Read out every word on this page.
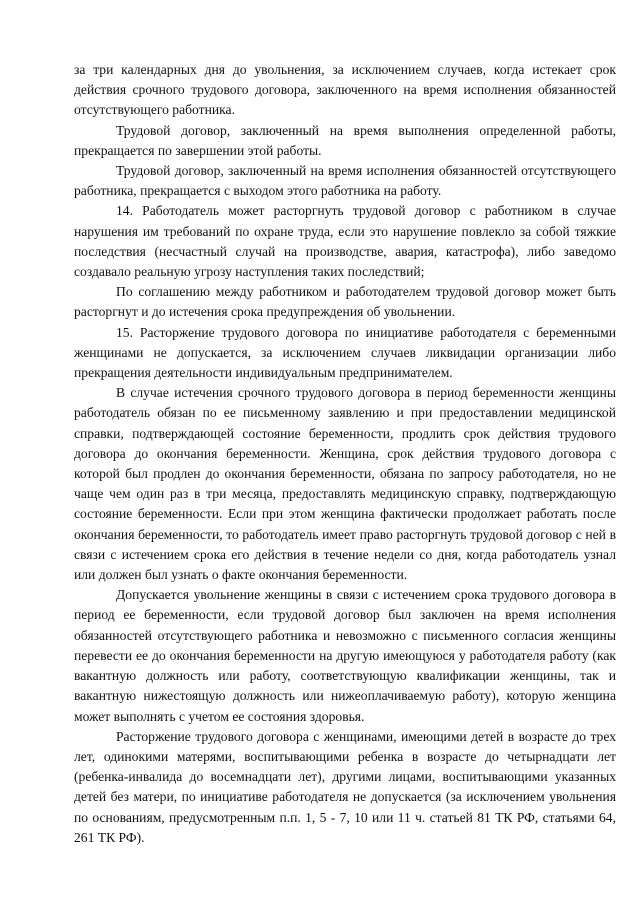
за три календарных дня до увольнения, за исключением случаев, когда истекает срок действия срочного трудового договора, заключенного на время исполнения обязанностей отсутствующего работника.

Трудовой договор, заключенный на время выполнения определенной работы, прекращается по завершении этой работы.

Трудовой договор, заключенный на время исполнения обязанностей отсутствующего работника, прекращается с выходом этого работника на работу.

14. Работодатель может расторгнуть трудовой договор с работником в случае нарушения им требований по охране труда, если это нарушение повлекло за собой тяжкие последствия (несчастный случай на производстве, авария, катастрофа), либо заведомо создавало реальную угрозу наступления таких последствий;

По соглашению между работником и работодателем трудовой договор может быть расторгнут и до истечения срока предупреждения об увольнении.

15. Расторжение трудового договора по инициативе работодателя с беременными женщинами не допускается, за исключением случаев ликвидации организации либо прекращения деятельности индивидуальным предпринимателем.

В случае истечения срочного трудового договора в период беременности женщины работодатель обязан по ее письменному заявлению и при предоставлении медицинской справки, подтверждающей состояние беременности, продлить срок действия трудового договора до окончания беременности. Женщина, срок действия трудового договора с которой был продлен до окончания беременности, обязана по запросу работодателя, но не чаще чем один раз в три месяца, предоставлять медицинскую справку, подтверждающую состояние беременности. Если при этом женщина фактически продолжает работать после окончания беременности, то работодатель имеет право расторгнуть трудовой договор с ней в связи с истечением срока его действия в течение недели со дня, когда работодатель узнал или должен был узнать о факте окончания беременности.

Допускается увольнение женщины в связи с истечением срока трудового договора в период ее беременности, если трудовой договор был заключен на время исполнения обязанностей отсутствующего работника и невозможно с письменного согласия женщины перевести ее до окончания беременности на другую имеющуюся у работодателя работу (как вакантную должность или работу, соответствующую квалификации женщины, так и вакантную нижестоящую должность или нижеоплачиваемую работу), которую женщина может выполнять с учетом ее состояния здоровья.

Расторжение трудового договора с женщинами, имеющими детей в возрасте до трех лет, одинокими матерями, воспитывающими ребенка в возрасте до четырнадцати лет (ребенка-инвалида до восемнадцати лет), другими лицами, воспитывающими указанных детей без матери, по инициативе работодателя не допускается (за исключением увольнения по основаниям, предусмотренным п.п. 1, 5 - 7, 10 или 11 ч. статьей 81 ТК РФ, статьями 64, 261 ТК РФ).
